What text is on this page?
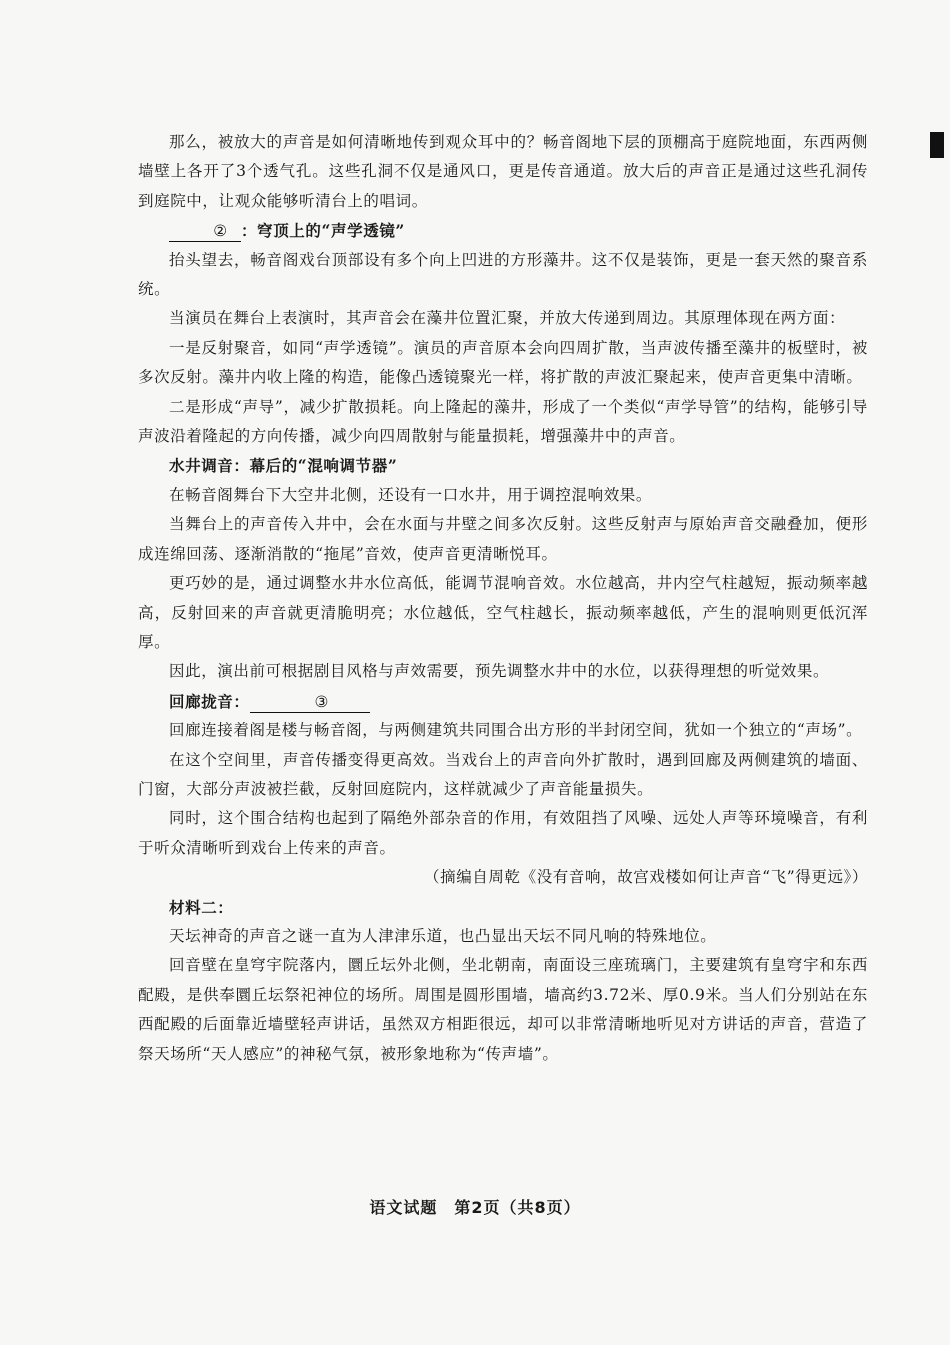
那么，被放大的声音是如何清晰地传到观众耳中的？畅音阁地下层的顶棚高于庭院地面，东西两侧墙壁上各开了3个透气孔。这些孔洞不仅是通风口，更是传音通道。放大后的声音正是通过这些孔洞传到庭院中，让观众能够听清台上的唱词。

② ：穹顶上的“声学透镜”

抬头望去，畅音阁戏台顶部设有多个向上凹进的方形藻井。这不仅是装饰，更是一套天然的聚音系统。

当演员在舞台上表演时，其声音会在藻井位置汇聚，并放大传递到周边。其原理体现在两方面：

一是反射聚音，如同“声学透镜”。演员的声音原本会向四周扩散，当声波传播至藻井的板壁时，被多次反射。藻井内收上隆的构造，能像凸透镜聚光一样，将扩散的声波汇聚起来，使声音更集中清晰。

二是形成“声导”，减少扩散损耗。向上隆起的藻井，形成了一个类似“声学导管”的结构，能够引导声波沿着隆起的方向传播，减少向四周散射与能量损耗，增强藻井中的声音。

水井调音：幕后的“混响调节器”

在畅音阁舞台下大空井北侧，还设有一口水井，用于调控混响效果。

当舞台上的声音传入井中，会在水面与井壁之间多次反射。这些反射声与原始声音交融叠加，便形成连绵回荡、逐渐消散的“拖尾”音效，使声音更清晰悦耳。

更巧妙的是，通过调整水井水位高低，能调节混响音效。水位越高，井内空气柱越短，振动频率越高，反射回来的声音就更清脆明亮；水位越低，空气柱越长，振动频率越低，产生的混响则更低沉浑厚。

因此，演出前可根据剧目风格与声效需要，预先调整水井中的水位，以获得理想的听觉效果。

回廊拢音：	③

回廊连接着阁是楼与畅音阁，与两侧建筑共同围合出方形的半封闭空间，犹如一个独立的“声场”。

在这个空间里，声音传播变得更高效。当戏台上的声音向外扩散时，遇到回廊及两侧建筑的墙面、门窗，大部分声波被拦截，反射回庭院内，这样就减少了声音能量损失。

同时，这个围合结构也起到了隔绝外部杂音的作用，有效阻挡了风噪、远处人声等环境噪音，有利于听众清晰听到戏台上传来的声音。

（摘编自周乾《没有音响，故宫戏楼如何让声音“飞”得更远》）

材料二：

天坛神奇的声音之谜一直为人津津乐道，也凸显出天坛不同凡响的特殊地位。

回音壁在皇穹宇院落内，圜丘坛外北侧，坐北朝南，南面设三座琉璃门，主要建筑有皇穹宇和东西配殿，是供奉圜丘坛祭祀神位的场所。周围是圆形围墙，墙高约3.72米、厚0.9米。当人们分别站在东西配殿的后面靠近墙壁轻声讲话，虽然双方相距很远，却可以非常清晰地听见对方讲话的声音，营造了祭天场所“天人感应”的神秘气氛，被形象地称为“传声墙”。

语文试题　第2页（共8页）
